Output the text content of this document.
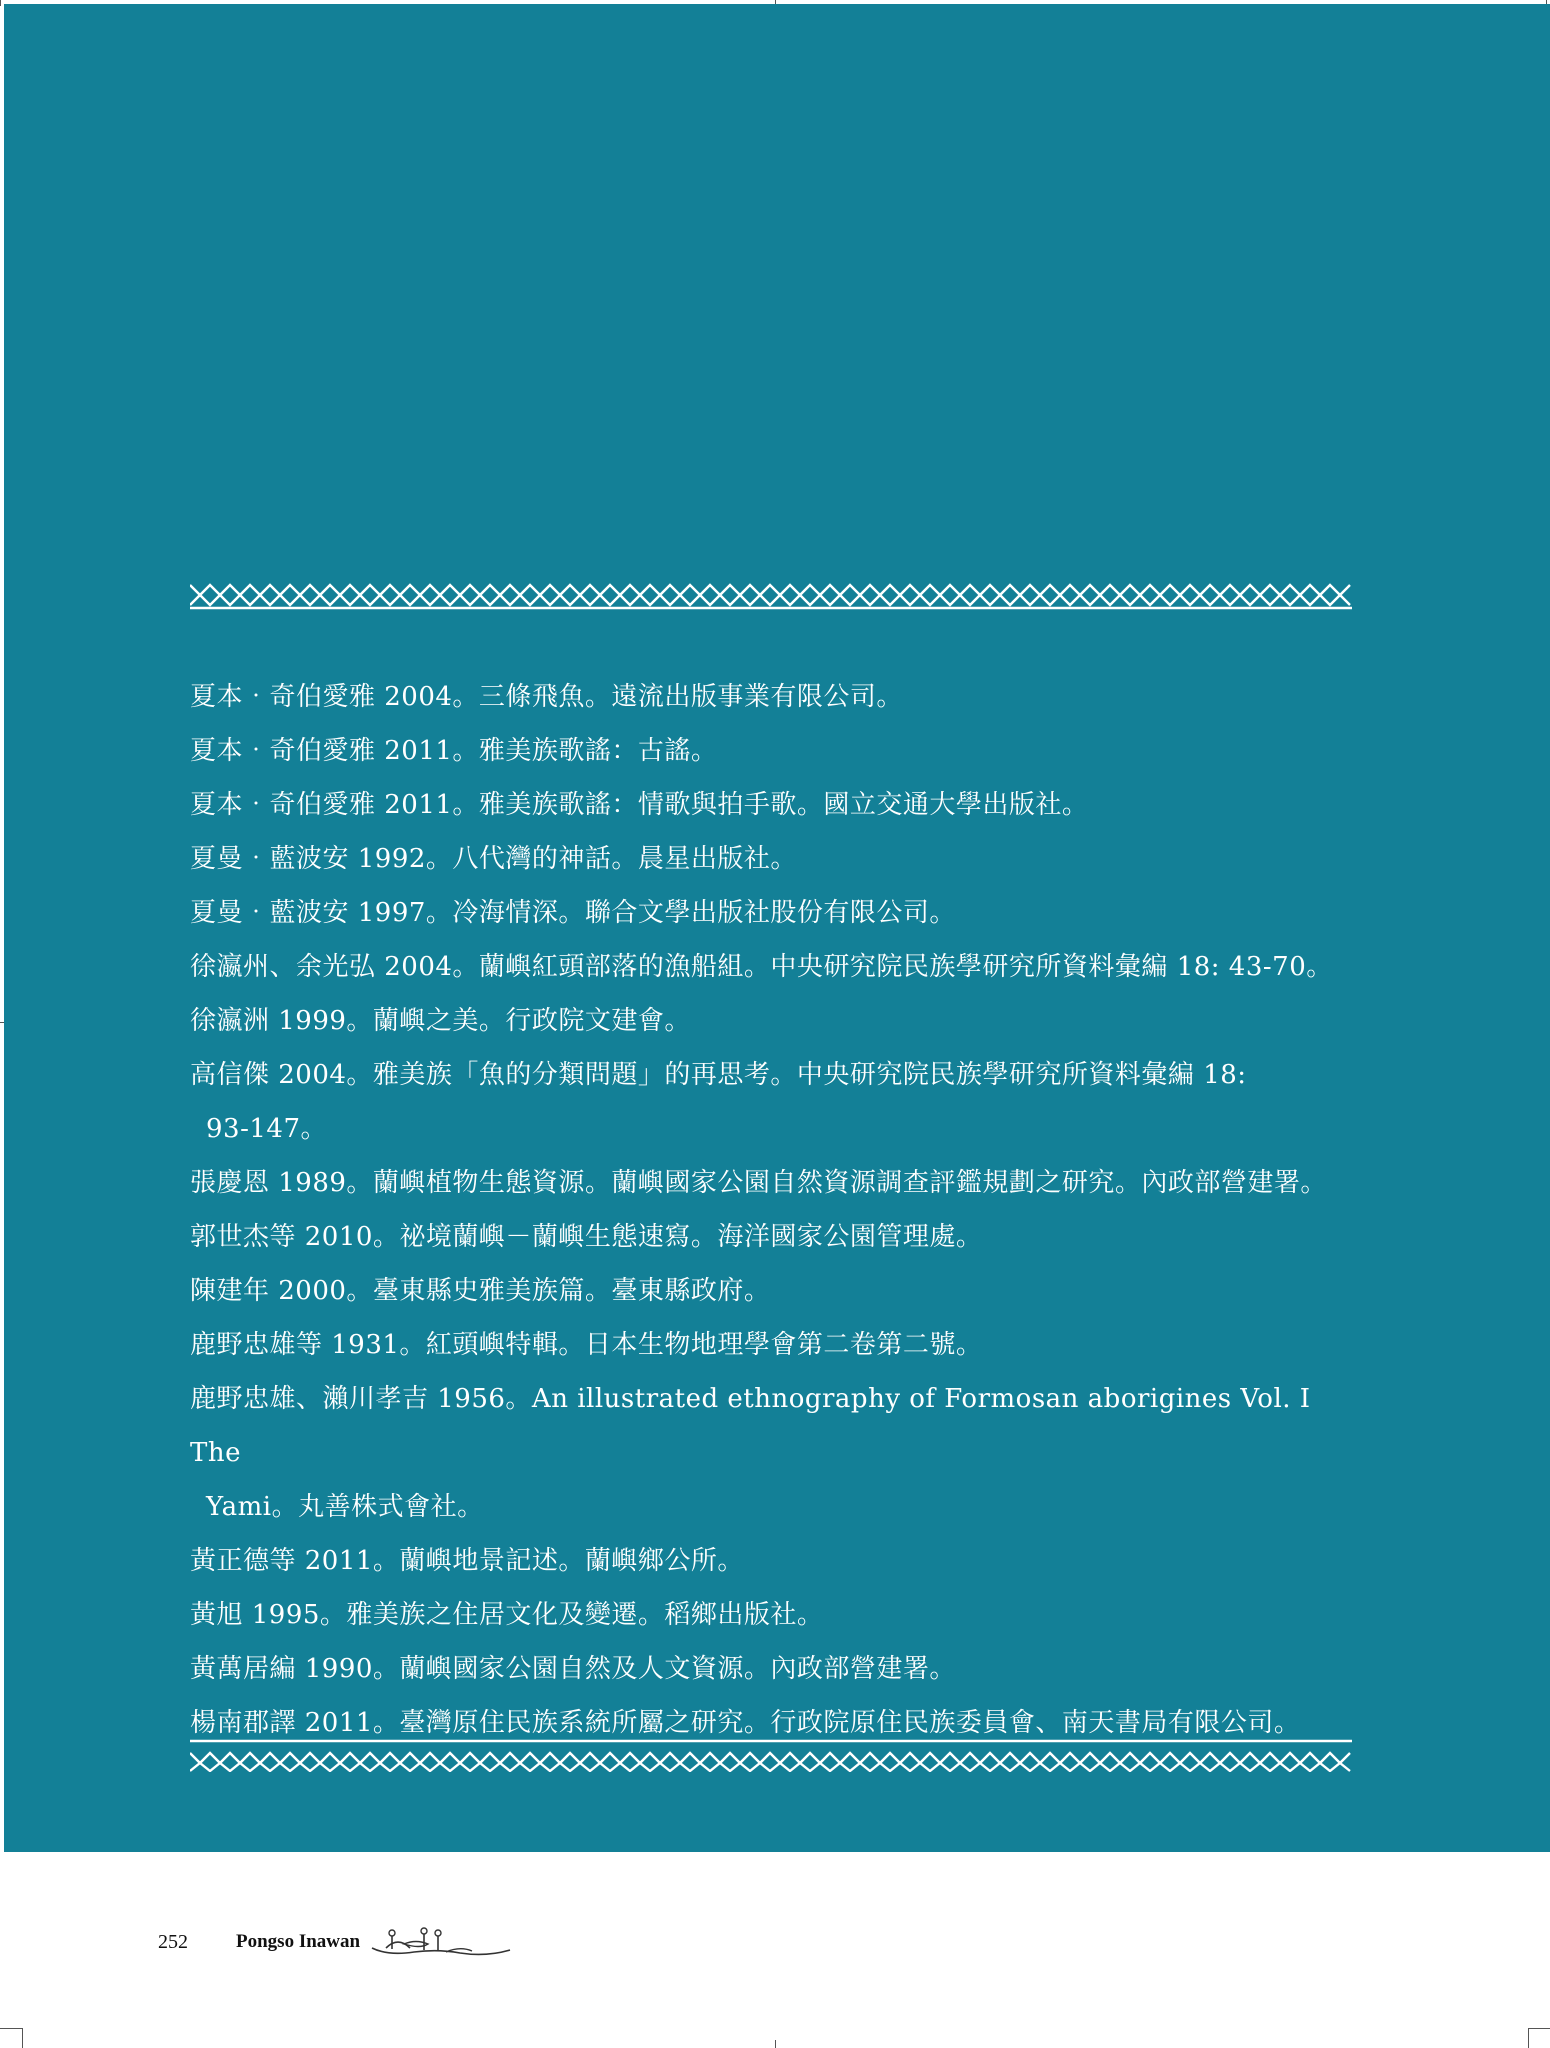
夏本‧奇伯愛雅 2004。三條飛魚。遠流出版事業有限公司。
夏本‧奇伯愛雅 2011。雅美族歌謠：古謠。
夏本‧奇伯愛雅 2011。雅美族歌謠：情歌與拍手歌。國立交通大學出版社。
夏曼‧藍波安 1992。八代灣的神話。晨星出版社。
夏曼‧藍波安 1997。冷海情深。聯合文學出版社股份有限公司。
徐瀛州、余光弘 2004。蘭嶼紅頭部落的漁船組。中央研究院民族學研究所資料彙編 18: 43-70。
徐瀛洲 1999。蘭嶼之美。行政院文建會。
高信傑 2004。雅美族「魚的分類問題」的再思考。中央研究院民族學研究所資料彙編 18:
93-147。
張慶恩 1989。蘭嶼植物生態資源。蘭嶼國家公園自然資源調查評鑑規劃之研究。內政部營建署。
郭世杰等 2010。祕境蘭嶼－蘭嶼生態速寫。海洋國家公園管理處。
陳建年 2000。臺東縣史雅美族篇。臺東縣政府。
鹿野忠雄等 1931。紅頭嶼特輯。日本生物地理學會第二卷第二號。
鹿野忠雄、瀨川孝吉 1956。An illustrated ethnography of Formosan aborigines Vol. I The
Yami。丸善株式會社。
黃正德等 2011。蘭嶼地景記述。蘭嶼鄉公所。
黃旭 1995。雅美族之住居文化及變遷。稻鄉出版社。
黃萬居編 1990。蘭嶼國家公園自然及人文資源。內政部營建署。
楊南郡譯 2011。臺灣原住民族系統所屬之研究。行政院原住民族委員會、南天書局有限公司。
252	Pongso Inawan
